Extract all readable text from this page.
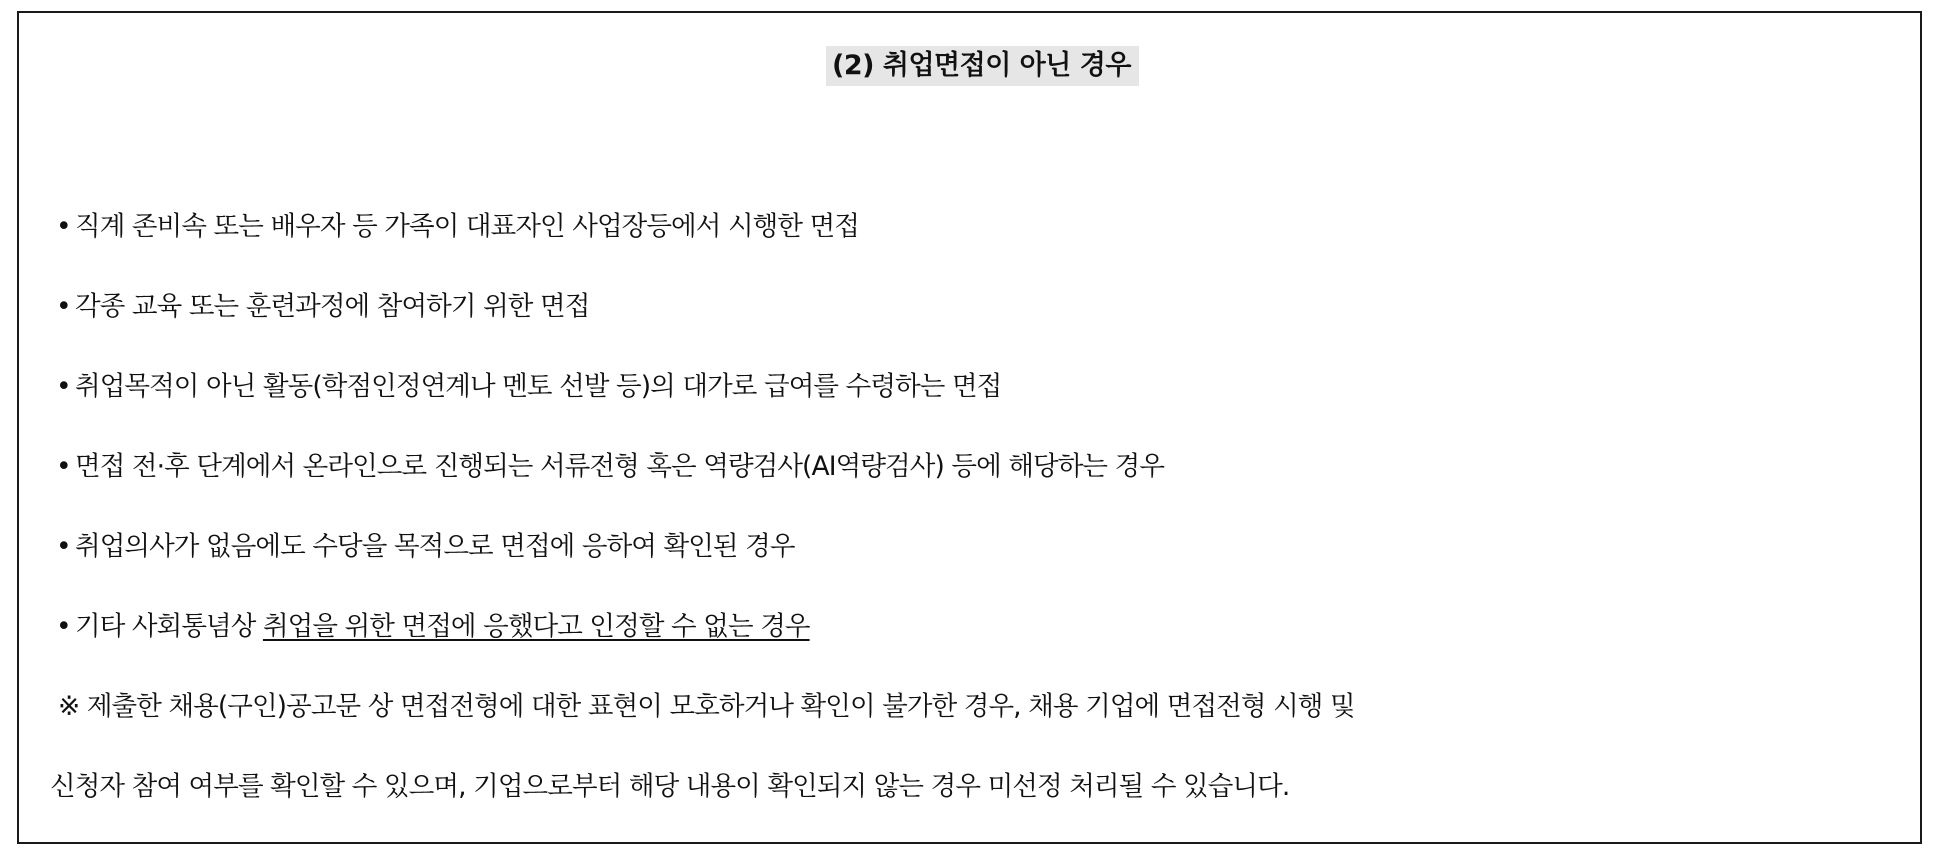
(2) 취업면접이 아닌 경우
• 직계 존비속 또는 배우자 등 가족이 대표자인 사업장등에서 시행한 면접
• 각종 교육 또는 훈련과정에 참여하기 위한 면접
• 취업목적이 아닌 활동(학점인정연계나 멘토 선발 등)의 대가로 급여를 수령하는 면접
• 면접 전·후 단계에서 온라인으로 진행되는 서류전형 혹은 역량검사(AI역량검사) 등에 해당하는 경우
• 취업의사가 없음에도 수당을 목적으로 면접에 응하여 확인된 경우
• 기타 사회통념상 취업을 위한 면접에 응했다고 인정할 수 없는 경우
※ 제출한 채용(구인)공고문 상 면접전형에 대한 표현이 모호하거나 확인이 불가한 경우, 채용 기업에 면접전형 시행 및
신청자 참여 여부를 확인할 수 있으며, 기업으로부터 해당 내용이 확인되지 않는 경우 미선정 처리될 수 있습니다.
